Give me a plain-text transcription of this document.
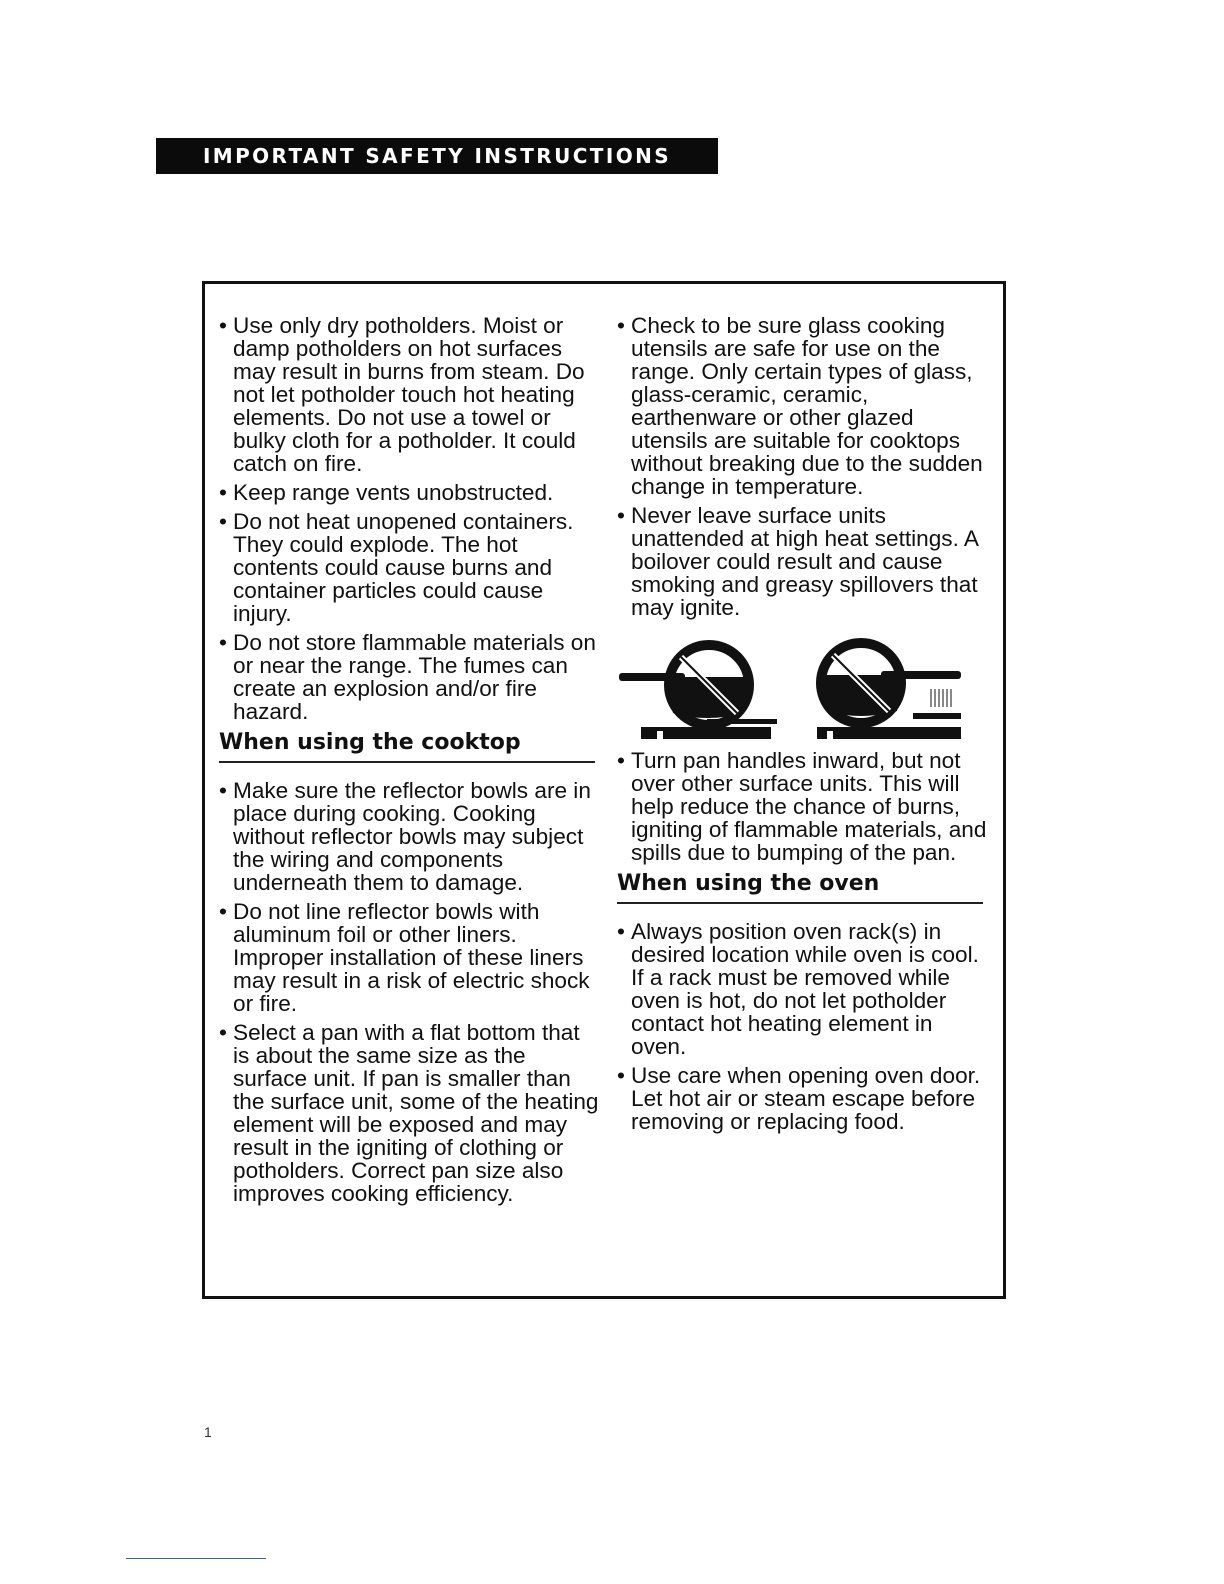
IMPORTANT SAFETY INSTRUCTIONS
• Use only dry potholders. Moist or damp potholders on hot surfaces may result in burns from steam. Do not let potholder touch hot heating elements. Do not use a towel or bulky cloth for a potholder. It could catch on fire.
• Keep range vents unobstructed.
• Do not heat unopened containers. They could explode. The hot contents could cause burns and container particles could cause injury.
• Do not store flammable materials on or near the range. The fumes can create an explosion and/or fire hazard.
When using the cooktop
• Make sure the reflector bowls are in place during cooking. Cooking without reflector bowls may subject the wiring and components underneath them to damage.
• Do not line reflector bowls with aluminum foil or other liners. Improper installation of these liners may result in a risk of electric shock or fire.
• Select a pan with a flat bottom that is about the same size as the surface unit. If pan is smaller than the surface unit, some of the heating element will be exposed and may result in the igniting of clothing or potholders. Correct pan size also improves cooking efficiency.
• Check to be sure glass cooking utensils are safe for use on the range. Only certain types of glass, glass-ceramic, ceramic, earthenware or other glazed utensils are suitable for cooktops without breaking due to the sudden change in temperature.
• Never leave surface units unattended at high heat settings. A boilover could result and cause smoking and greasy spillovers that may ignite.
• Turn pan handles inward, but not over other surface units. This will help reduce the chance of burns, igniting of flammable materials, and spills due to bumping of the pan.
When using the oven
• Always position oven rack(s) in desired location while oven is cool. If a rack must be removed while oven is hot, do not let potholder contact hot heating element in oven.
• Use care when opening oven door. Let hot air or steam escape before removing or replacing food.
1
